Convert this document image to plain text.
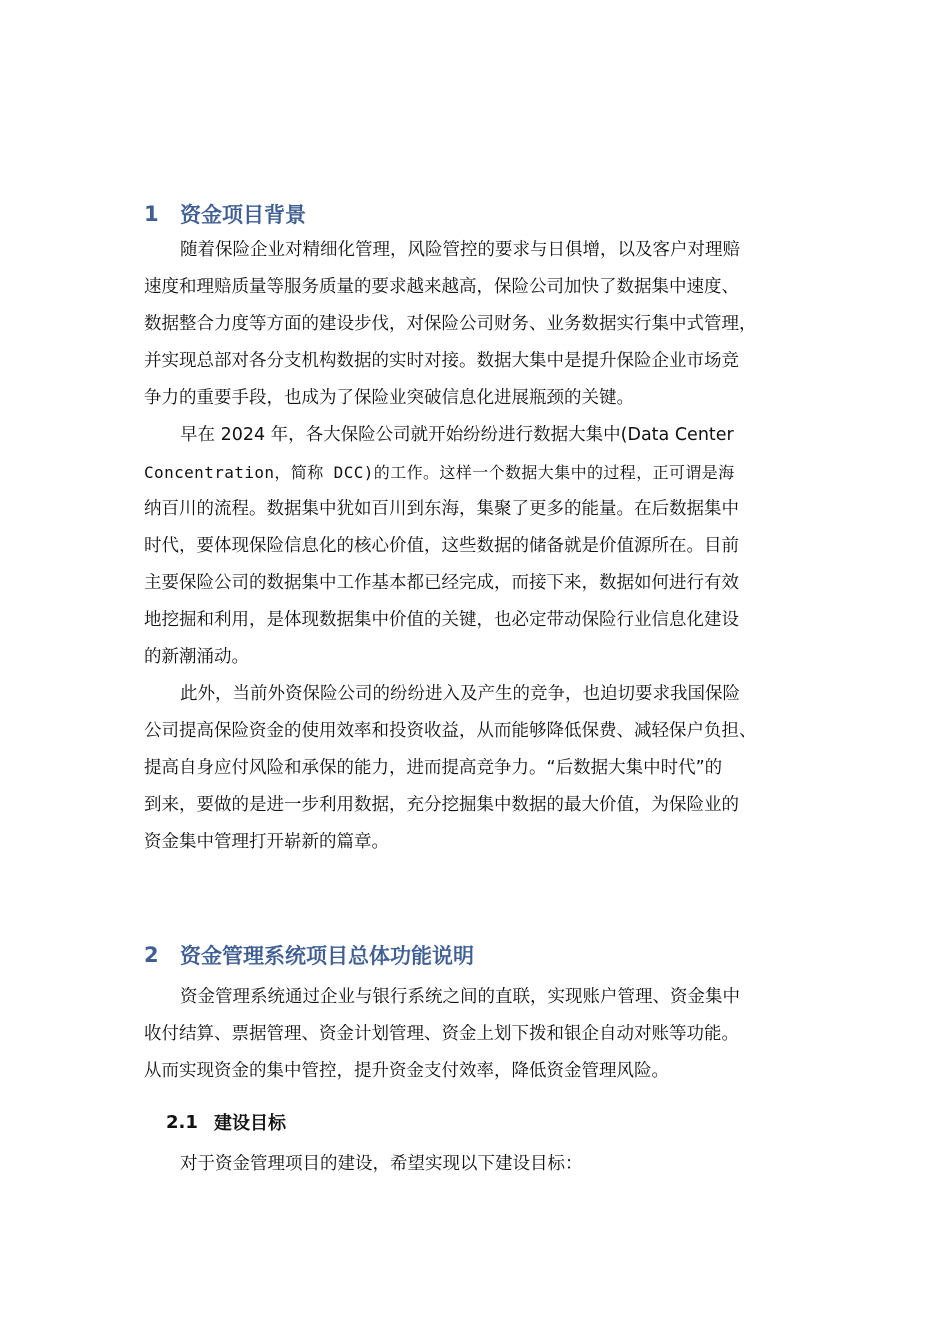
1	资金项目背景
随着保险企业对精细化管理，风险管控的要求与日俱增，以及客户对理赔
速度和理赔质量等服务质量的要求越来越高，保险公司加快了数据集中速度、
数据整合力度等方面的建设步伐，对保险公司财务、业务数据实行集中式管理，
并实现总部对各分支机构数据的实时对接。数据大集中是提升保险企业市场竞
争力的重要手段，也成为了保险业突破信息化进展瓶颈的关键。
早在 2024 年，各大保险公司就开始纷纷进行数据大集中(Data Center
Concentration，简称 DCC)的工作。这样一个数据大集中的过程，正可谓是海
纳百川的流程。数据集中犹如百川到东海，集聚了更多的能量。在后数据集中
时代，要体现保险信息化的核心价值，这些数据的储备就是价值源所在。目前
主要保险公司的数据集中工作基本都已经完成，而接下来，数据如何进行有效
地挖掘和利用，是体现数据集中价值的关键，也必定带动保险行业信息化建设
的新潮涌动。
此外，当前外资保险公司的纷纷进入及产生的竞争，也迫切要求我国保险
公司提高保险资金的使用效率和投资收益，从而能够降低保费、减轻保户负担、
提高自身应付风险和承保的能力，进而提高竞争力。“后数据大集中时代”的
到来，要做的是进一步利用数据，充分挖掘集中数据的最大价值，为保险业的
资金集中管理打开崭新的篇章。
2	资金管理系统项目总体功能说明
资金管理系统通过企业与银行系统之间的直联，实现账户管理、资金集中
收付结算、票据管理、资金计划管理、资金上划下拨和银企自动对账等功能。
从而实现资金的集中管控，提升资金支付效率，降低资金管理风险。
2.1 建设目标
对于资金管理项目的建设，希望实现以下建设目标：
